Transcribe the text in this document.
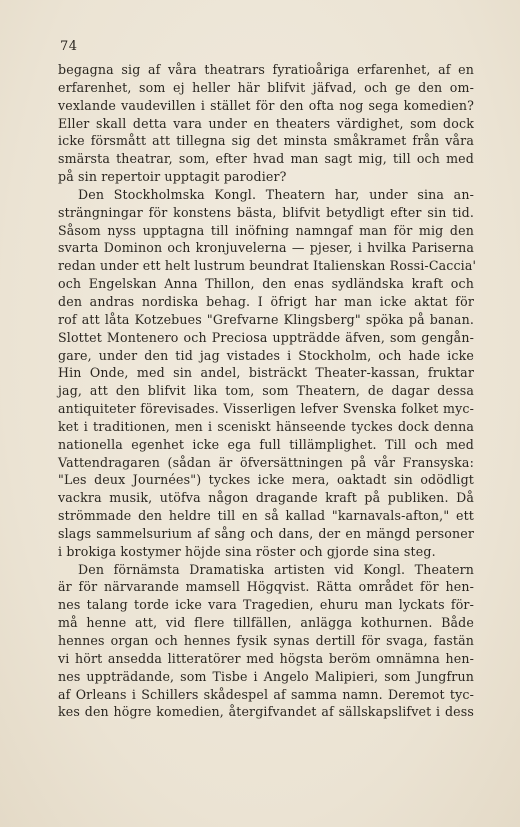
74
begagna sig af våra theatrars fyratioåriga erfarenhet, af en
erfarenhet, som ej heller här blifvit jäfvad, och ge den om-
vexlande vaudevillen i stället för den ofta nog sega komedien?
Eller skall detta vara under en theaters värdighet, som dock
icke försmått att tillegna sig det minsta småkramet från våra
smärsta theatrar, som, efter hvad man sagt mig, till och med
på sin repertoir upptagit parodier?
Den Stockholmska Kongl. Theatern har, under sina an-
strängningar för konstens bästa, blifvit betydligt efter sin tid.
Såsom nyss upptagna till inöfning namngaf man för mig den
svarta Dominon och kronjuvelerna — pjeser, i hvilka Pariserna
redan under ett helt lustrum beundrat Italienskan Rossi-Caccia'
och Engelskan Anna Thillon, den enas sydländska kraft och
den andras nordiska behag. I öfrigt har man icke aktat för
rof att låta Kotzebues "Grefvarne Klingsberg" spöka på banan.
Slottet Montenero och Preciosa uppträdde äfven, som gengån-
gare, under den tid jag vistades i Stockholm, och hade icke
Hin Onde, med sin andel, bisträckt Theater-kassan, fruktar
jag, att den blifvit lika tom, som Theatern, de dagar dessa
antiquiteter förevisades. Visserligen lefver Svenska folket myc-
ket i traditionen, men i sceniskt hänseende tyckes dock denna
nationella egenhet icke ega full tillämplighet. Till och med
Vattendragaren (sådan är öfversättningen på vår Fransyska:
"Les deux Journées") tyckes icke mera, oaktadt sin odödligt
vackra musik, utöfva någon dragande kraft på publiken. Då
strömmade den heldre till en så kallad "karnavals-afton," ett
slags sammelsurium af sång och dans, der en mängd personer
i brokiga kostymer höjde sina röster och gjorde sina steg.
Den förnämsta Dramatiska artisten vid Kongl. Theatern
är för närvarande mamsell Högqvist. Rätta området för hen-
nes talang torde icke vara Tragedien, ehuru man lyckats för-
må henne att, vid flere tillfällen, anlägga kothurnen. Både
hennes organ och hennes fysik synas dertill för svaga, fastän
vi hört ansedda litteratörer med högsta beröm omnämna hen-
nes uppträdande, som Tisbe i Angelo Malipieri, som Jungfrun
af Orleans i Schillers skådespel af samma namn. Deremot tyc-
kes den högre komedien, återgifvandet af sällskapslifvet i dess
